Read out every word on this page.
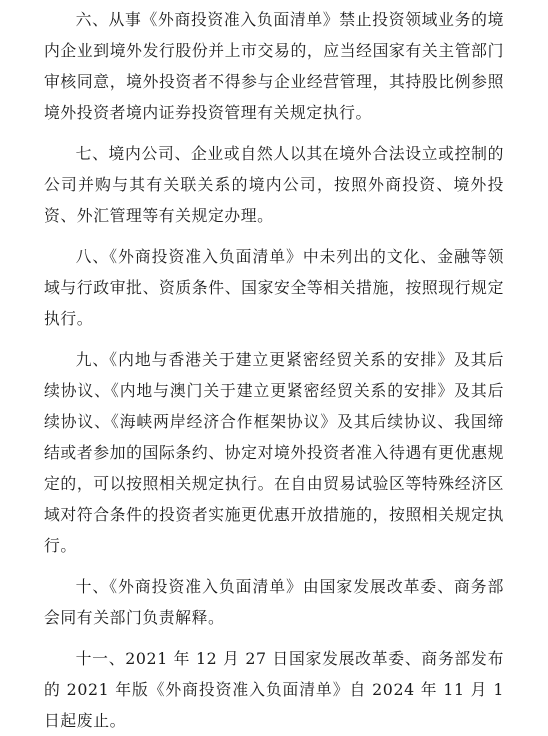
六、从事《外商投资准入负面清单》禁止投资领域业务的境内企业到境外发行股份并上市交易的，应当经国家有关主管部门审核同意，境外投资者不得参与企业经营管理，其持股比例参照境外投资者境内证券投资管理有关规定执行。

七、境内公司、企业或自然人以其在境外合法设立或控制的公司并购与其有关联关系的境内公司，按照外商投资、境外投资、外汇管理等有关规定办理。

八、《外商投资准入负面清单》中未列出的文化、金融等领域与行政审批、资质条件、国家安全等相关措施，按照现行规定执行。

九、《内地与香港关于建立更紧密经贸关系的安排》及其后续协议、《内地与澳门关于建立更紧密经贸关系的安排》及其后续协议、《海峡两岸经济合作框架协议》及其后续协议、我国缔结或者参加的国际条约、协定对境外投资者准入待遇有更优惠规定的，可以按照相关规定执行。在自由贸易试验区等特殊经济区域对符合条件的投资者实施更优惠开放措施的，按照相关规定执行。

十、《外商投资准入负面清单》由国家发展改革委、商务部会同有关部门负责解释。

十一、2021 年 12 月 27 日国家发展改革委、商务部发布的 2021 年版《外商投资准入负面清单》自 2024 年 11 月 1 日起废止。
